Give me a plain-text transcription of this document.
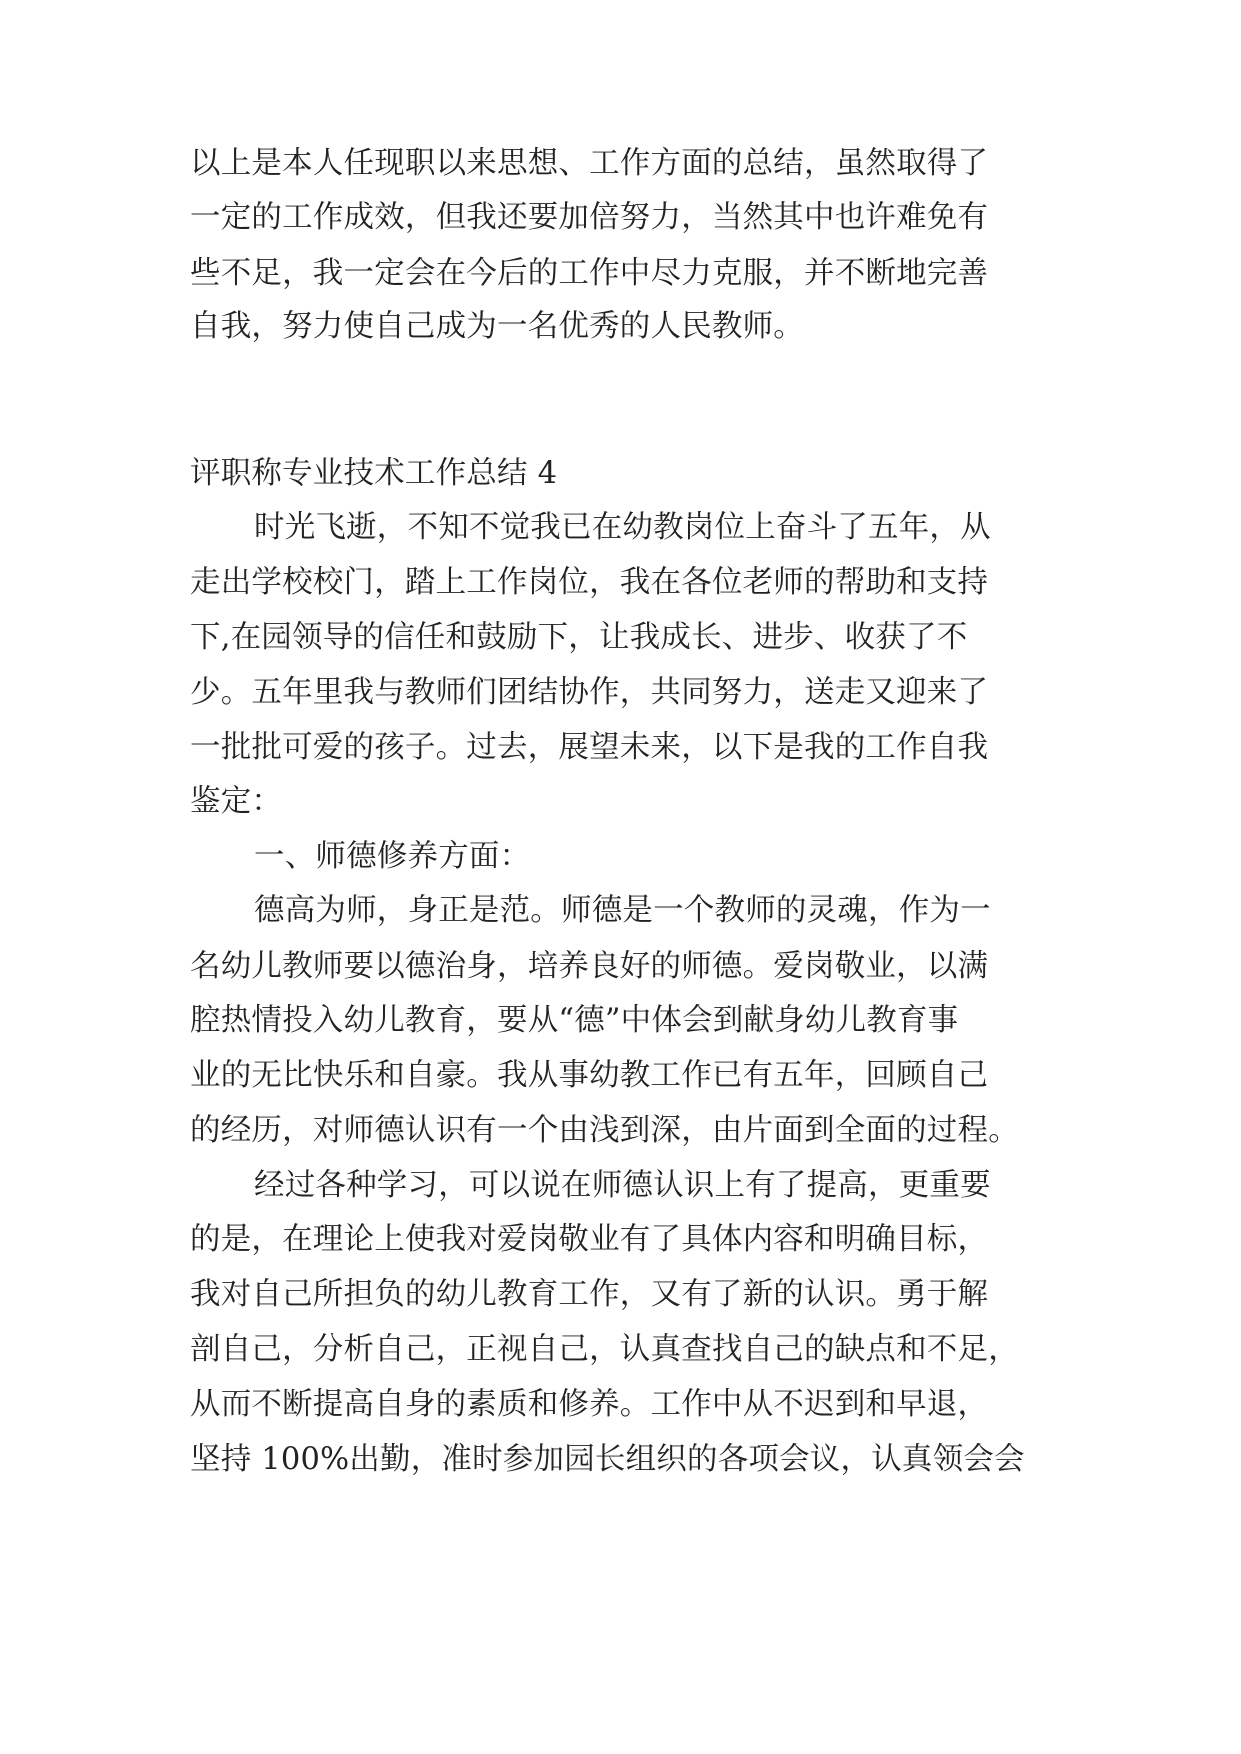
以上是本人任现职以来思想、工作方面的总结，虽然取得了

一定的工作成效，但我还要加倍努力，当然其中也许难免有

些不足，我一定会在今后的工作中尽力克服，并不断地完善

自我，努力使自己成为一名优秀的人民教师。

评职称专业技术工作总结 4

时光飞逝，不知不觉我已在幼教岗位上奋斗了五年，从

走出学校校门，踏上工作岗位，我在各位老师的帮助和支持

下,在园领导的信任和鼓励下，让我成长、进步、收获了不

少。五年里我与教师们团结协作，共同努力，送走又迎来了

一批批可爱的孩子。过去，展望未来，以下是我的工作自我

鉴定：

一、师德修养方面：

德高为师，身正是范。师德是一个教师的灵魂，作为一

名幼儿教师要以德治身，培养良好的师德。爱岗敬业，以满

腔热情投入幼儿教育，要从“德”中体会到献身幼儿教育事

业的无比快乐和自豪。我从事幼教工作已有五年，回顾自己

的经历，对师德认识有一个由浅到深，由片面到全面的过程。

经过各种学习，可以说在师德认识上有了提高，更重要

的是，在理论上使我对爱岗敬业有了具体内容和明确目标，

我对自己所担负的幼儿教育工作，又有了新的认识。勇于解

剖自己，分析自己，正视自己，认真查找自己的缺点和不足，

从而不断提高自身的素质和修养。工作中从不迟到和早退，

坚持 100%出勤，准时参加园长组织的各项会议，认真领会会
